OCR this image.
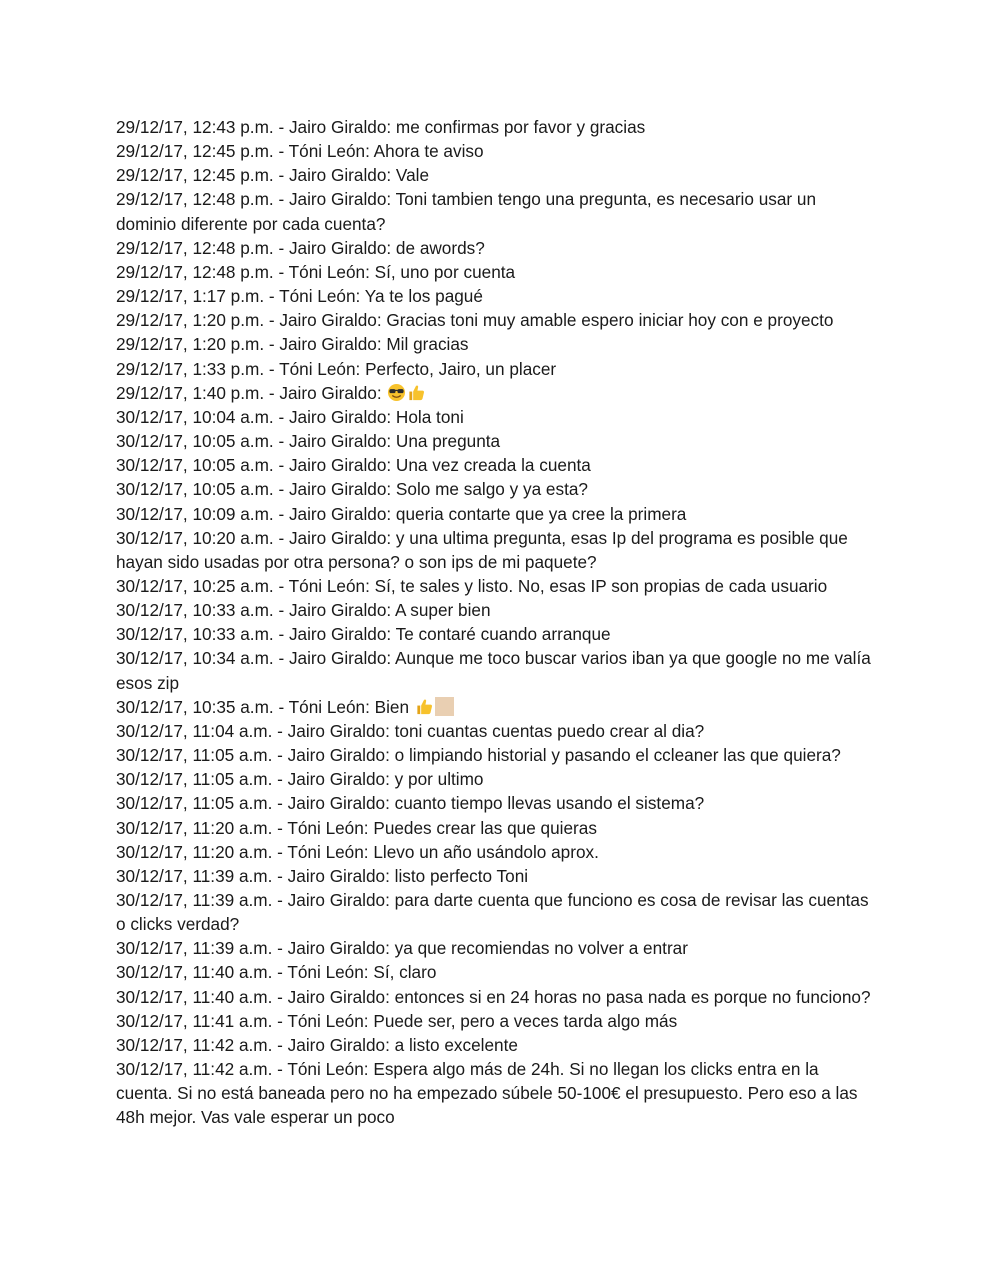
29/12/17, 12:43 p.m. - Jairo Giraldo: me confirmas por favor y gracias
29/12/17, 12:45 p.m. - Tóni León: Ahora te aviso
29/12/17, 12:45 p.m. - Jairo Giraldo: Vale
29/12/17, 12:48 p.m. - Jairo Giraldo: Toni tambien tengo una pregunta, es necesario usar un dominio diferente por cada cuenta?
29/12/17, 12:48 p.m. - Jairo Giraldo: de awords?
29/12/17, 12:48 p.m. - Tóni León: Sí, uno por cuenta
29/12/17, 1:17 p.m. - Tóni León: Ya te los pagué
29/12/17, 1:20 p.m. - Jairo Giraldo: Gracias toni muy amable espero iniciar hoy con e proyecto
29/12/17, 1:20 p.m. - Jairo Giraldo: Mil gracias
29/12/17, 1:33 p.m. - Tóni León: Perfecto, Jairo, un placer
29/12/17, 1:40 p.m. - Jairo Giraldo:
30/12/17, 10:04 a.m. - Jairo Giraldo: Hola toni
30/12/17, 10:05 a.m. - Jairo Giraldo: Una pregunta
30/12/17, 10:05 a.m. - Jairo Giraldo: Una vez creada la cuenta
30/12/17, 10:05 a.m. - Jairo Giraldo: Solo me salgo y ya esta?
30/12/17, 10:09 a.m. - Jairo Giraldo: queria contarte que ya cree la primera
30/12/17, 10:20 a.m. - Jairo Giraldo: y una ultima pregunta, esas Ip del programa es posible que hayan sido usadas por otra persona? o son ips de mi paquete?
30/12/17, 10:25 a.m. - Tóni León: Sí, te sales y listo. No, esas IP son propias de cada usuario
30/12/17, 10:33 a.m. - Jairo Giraldo: A super bien
30/12/17, 10:33 a.m. - Jairo Giraldo: Te contaré cuando arranque
30/12/17, 10:34 a.m. - Jairo Giraldo: Aunque me toco buscar varios iban ya que google no me valía esos zip
30/12/17, 10:35 a.m. - Tóni León: Bien
30/12/17, 11:04 a.m. - Jairo Giraldo: toni cuantas cuentas puedo crear al dia?
30/12/17, 11:05 a.m. - Jairo Giraldo: o limpiando historial y pasando el ccleaner las que quiera?
30/12/17, 11:05 a.m. - Jairo Giraldo: y por ultimo
30/12/17, 11:05 a.m. - Jairo Giraldo: cuanto tiempo llevas usando el sistema?
30/12/17, 11:20 a.m. - Tóni León: Puedes crear las que quieras
30/12/17, 11:20 a.m. - Tóni León: Llevo un año usándolo aprox.
30/12/17, 11:39 a.m. - Jairo Giraldo: listo perfecto Toni
30/12/17, 11:39 a.m. - Jairo Giraldo: para darte cuenta que funciono es cosa de revisar las cuentas o clicks verdad?
30/12/17, 11:39 a.m. - Jairo Giraldo: ya que recomiendas no volver a entrar
30/12/17, 11:40 a.m. - Tóni León: Sí, claro
30/12/17, 11:40 a.m. - Jairo Giraldo: entonces si en 24 horas no pasa nada es porque no funciono?
30/12/17, 11:41 a.m. - Tóni León: Puede ser, pero a veces tarda algo más
30/12/17, 11:42 a.m. - Jairo Giraldo: a listo excelente
30/12/17, 11:42 a.m. - Tóni León: Espera algo más de 24h. Si no llegan los clicks entra en la cuenta. Si no está baneada pero no ha empezado súbele 50-100€ el presupuesto. Pero eso a las 48h mejor. Vas vale esperar un poco
